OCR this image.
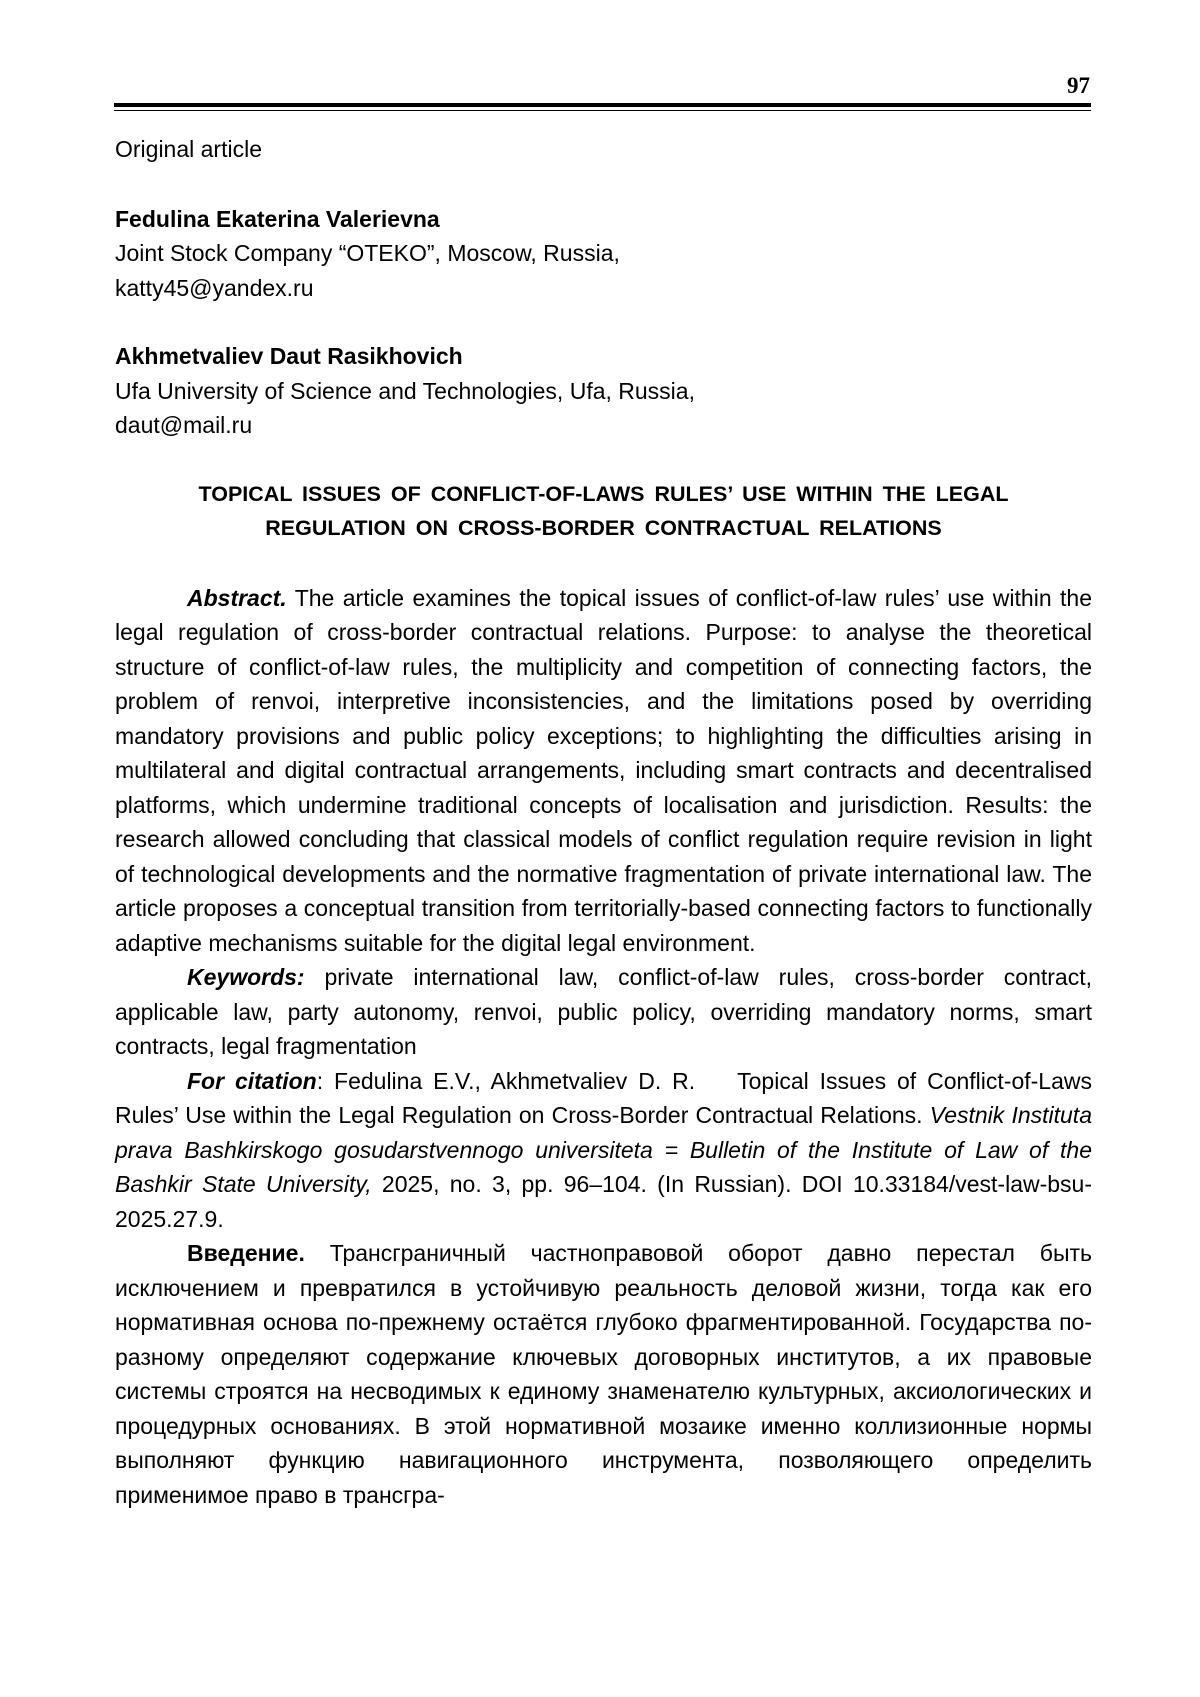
97

Original article

Fedulina Ekaterina Valerievna

Joint Stock Company “OTEKO”, Moscow, Russia,

katty45@yandex.ru

Akhmetvaliev Daut Rasikhovich

Ufa University of Science and Technologies, Ufa, Russia,

daut@mail.ru

TOPICAL ISSUES OF CONFLICT-OF-LAWS RULES’ USE WITHIN THE LEGAL
REGULATION ON CROSS-BORDER CONTRACTUAL RELATIONS

Abstract. The article examines the topical issues of conflict-of-law rules’ use within the legal regulation of cross-border contractual relations. Purpose: to analyse the theoretical structure of conflict-of-law rules, the multiplicity and competition of connecting factors, the problem of renvoi, interpretive inconsistencies, and the limitations posed by overriding mandatory provisions and public policy exceptions; to highlighting the difficulties arising in multilateral and digital contractual arrangements, including smart contracts and decentralised platforms, which undermine traditional concepts of localisation and jurisdiction. Results: the research allowed concluding that classical models of conflict regulation require revision in light of technological developments and the normative fragmentation of private international law. The article proposes a conceptual transition from territorially-based connecting factors to functionally adaptive mechanisms suitable for the digital legal environment.

Keywords: private international law, conflict-of-law rules, cross-border contract, applicable law, party autonomy, renvoi, public policy, overriding mandatory norms, smart contracts, legal fragmentation

For citation: Fedulina E.V., Akhmetvaliev D. R. Topical Issues of Conflict-of-Laws Rules’ Use within the Legal Regulation on Cross-Border Contractual Relations. Vestnik Instituta prava Bashkirskogo gosudarstvennogo universiteta = Bulletin of the Institute of Law of the Bashkir State University, 2025, no. 3, pp. 96–104. (In Russian). DOI 10.33184/vest-law-bsu-2025.27.9.

Введение. Трансграничный частноправовой оборот давно перестал быть исключением и превратился в устойчивую реальность деловой жизни, тогда как его нормативная основа по-прежнему остаётся глубоко фрагментированной. Государства по-разному определяют содержание ключевых договорных институтов, а их правовые системы строятся на несводимых к единому знаменателю культурных, аксиологических и процедурных основаниях. В этой нормативной мозаике именно коллизионные нормы выполняют функцию навигационного инструмента, позволяющего определить применимое право в трансгра-
